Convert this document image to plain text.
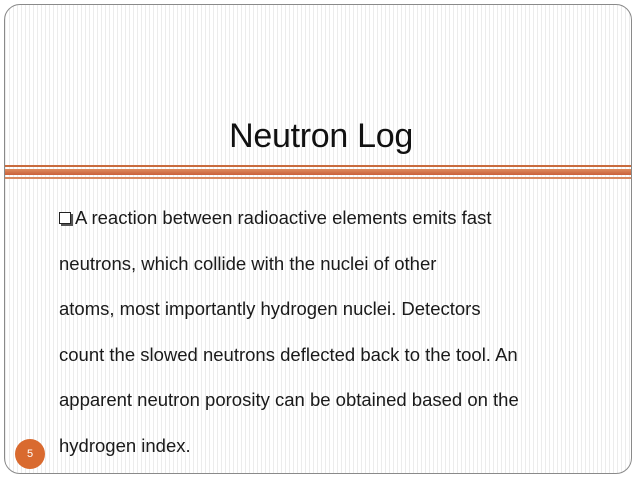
Neutron Log
A reaction between radioactive elements emits fast
neutrons, which collide with the nuclei of other
atoms, most importantly hydrogen nuclei. Detectors
count the slowed neutrons deflected back to the tool. An
apparent neutron porosity can be obtained based on the
hydrogen index.
5
